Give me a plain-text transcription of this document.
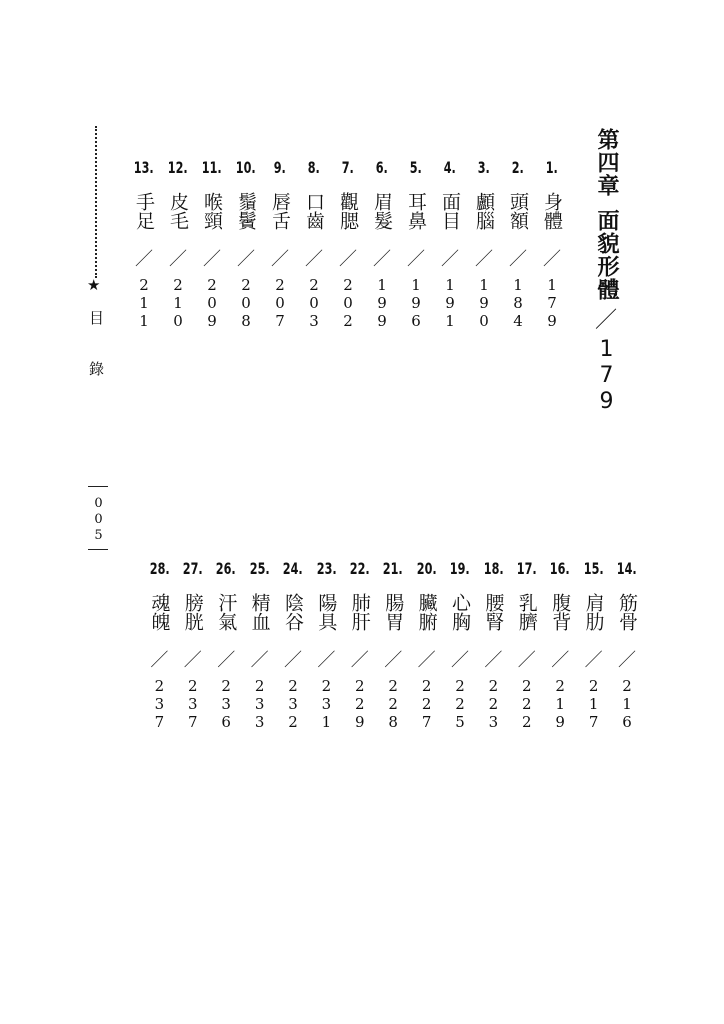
第四章
面貌形體
／
179
1.
身體
／
179
2.
頭額
／
184
3.
顱腦
／
190
4.
面目
／
191
5.
耳鼻
／
196
6.
眉髮
／
199
7.
觀腮
／
202
8.
口齒
／
203
9.
唇舌
／
207
10.
鬚鬢
／
208
11.
喉頸
／
209
12.
皮毛
／
210
13.
手足
／
211
14.
筋骨
／
216
15.
肩肋
／
217
16.
腹背
／
219
17.
乳臍
／
222
18.
腰腎
／
223
19.
心胸
／
225
20.
臟腑
／
227
21.
腸胃
／
228
22.
肺肝
／
229
23.
陽具
／
231
24.
陰谷
／
232
25.
精血
／
233
26.
汗氣
／
236
27.
膀胱
／
237
28.
魂魄
／
237
★
目錄
005
